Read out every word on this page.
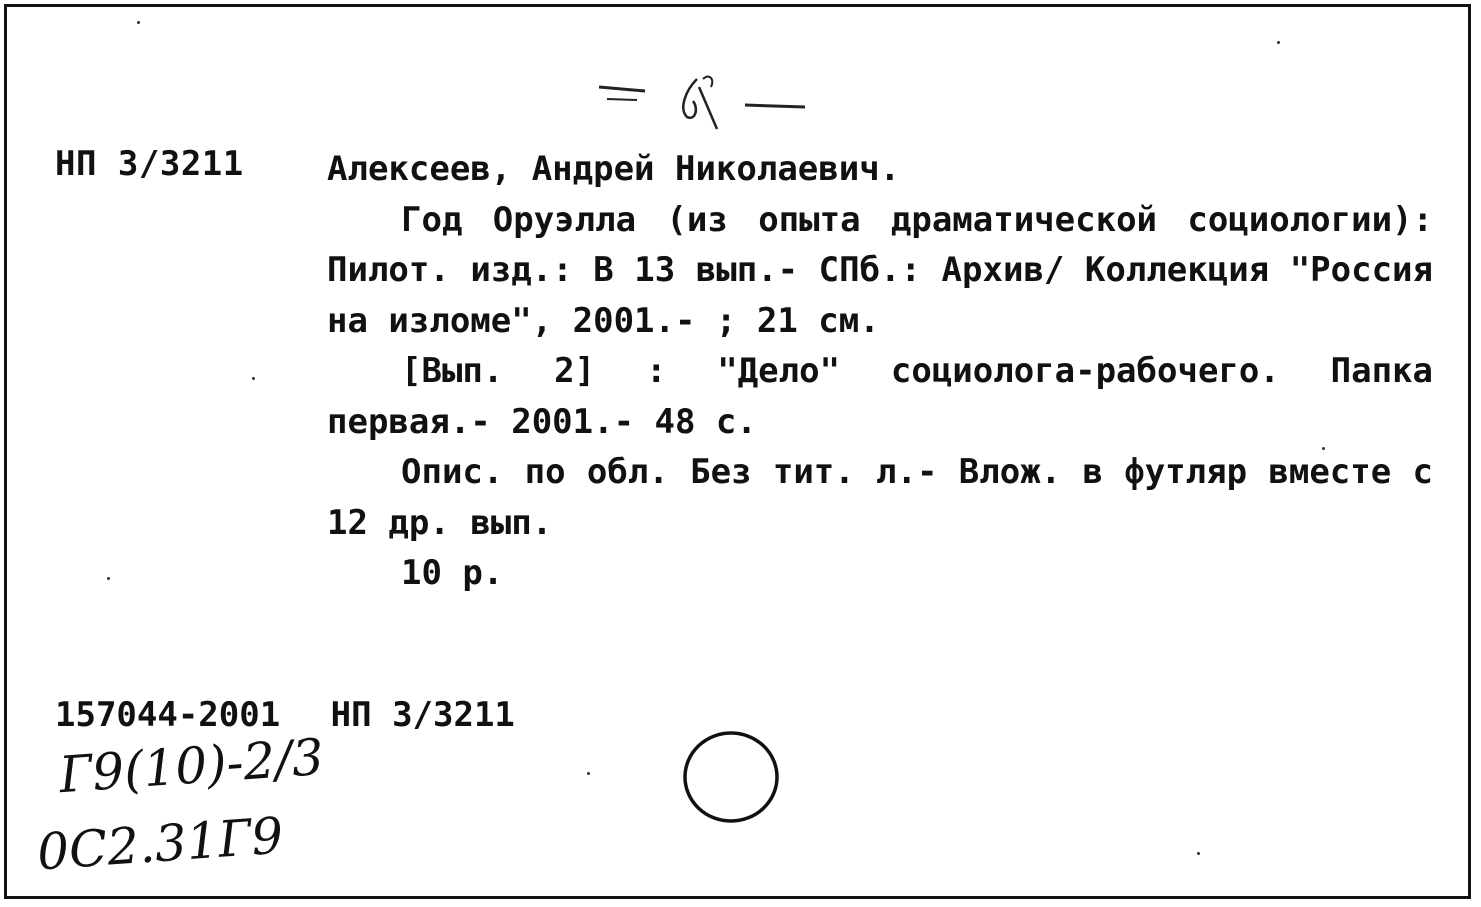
НП 3/3211 Алексеев, Андрей Николаевич.

Год Оруэлла (из опыта драматической социологии): Пилот. изд.: В 13 вып.- СПб.: Архив/ Коллекция "Россия на изломе", 2001.- ; 21 см.

[Вып. 2] : "Дело" социолога-рабочего. Папка первая.- 2001.- 48 с.

Опис. по обл. Без тит. л.- Влож. в футляр вместе с 12 др. вып.

10 р.

157044-2001 НП 3/3211
Г9(10)-2/3
0С2.31Г9
